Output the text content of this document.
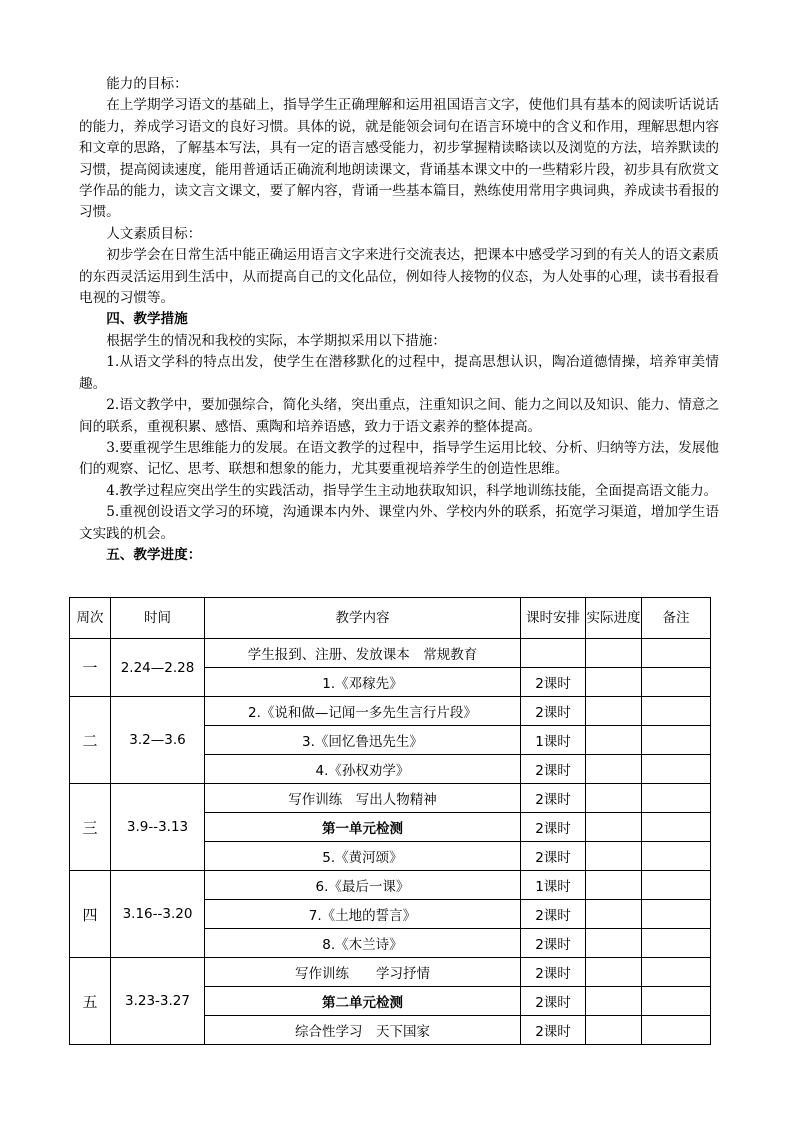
能力的目标：

在上学期学习语文的基础上，指导学生正确理解和运用祖国语言文字，使他们具有基本的阅读听话说话的能力，养成学习语文的良好习惯。具体的说，就是能领会词句在语言环境中的含义和作用，理解思想内容和文章的思路，了解基本写法，具有一定的语言感受能力，初步掌握精读略读以及浏览的方法，培养默读的习惯，提高阅读速度，能用普通话正确流利地朗读课文，背诵基本课文中的一些精彩片段，初步具有欣赏文学作品的能力，读文言文课文，要了解内容，背诵一些基本篇目，熟练使用常用字典词典，养成读书看报的习惯。

人文素质目标：

初步学会在日常生活中能正确运用语言文字来进行交流表达，把课本中感受学习到的有关人的语文素质的东西灵活运用到生活中，从而提高自己的文化品位，例如待人接物的仪态，为人处事的心理，读书看报看电视的习惯等。

四、教学措施

根据学生的情况和我校的实际，本学期拟采用以下措施：

1.从语文学科的特点出发，使学生在潜移默化的过程中，提高思想认识，陶冶道德情操，培养审美情趣。

2.语文教学中，要加强综合，简化头绪，突出重点，注重知识之间、能力之间以及知识、能力、情意之间的联系，重视积累、感悟、熏陶和培养语感，致力于语文素养的整体提高。

3.要重视学生思维能力的发展。在语文教学的过程中，指导学生运用比较、分析、归纳等方法，发展他们的观察、记忆、思考、联想和想象的能力，尤其要重视培养学生的创造性思维。

4.教学过程应突出学生的实践活动，指导学生主动地获取知识，科学地训练技能，全面提高语文能力。

5.重视创设语文学习的环境，沟通课本内外、课堂内外、学校内外的联系，拓宽学习渠道，增加学生语文实践的机会。

五、教学进度：

周次	时间	教学内容	课时安排	实际进度	备注
一	2.24—2.28	学生报到、注册、发放课本　常规教育			
		1.《邓稼先》	2课时		
二	3.2—3.6	2.《说和做—记闻一多先生言行片段》	2课时		
		3.《回忆鲁迅先生》	1课时		
		4.《孙权劝学》	2课时		
三	3.9--3.13	写作训练　写出人物精神	2课时		
		第一单元检测	2课时		
		5.《黄河颂》	2课时		
四	3.16--3.20	6.《最后一课》	1课时		
		7.《土地的誓言》	2课时		
		8.《木兰诗》	2课时		
五	3.23-3.27	写作训练　　学习抒情	2课时		
		第二单元检测	2课时		
		综合性学习　天下国家	2课时		
